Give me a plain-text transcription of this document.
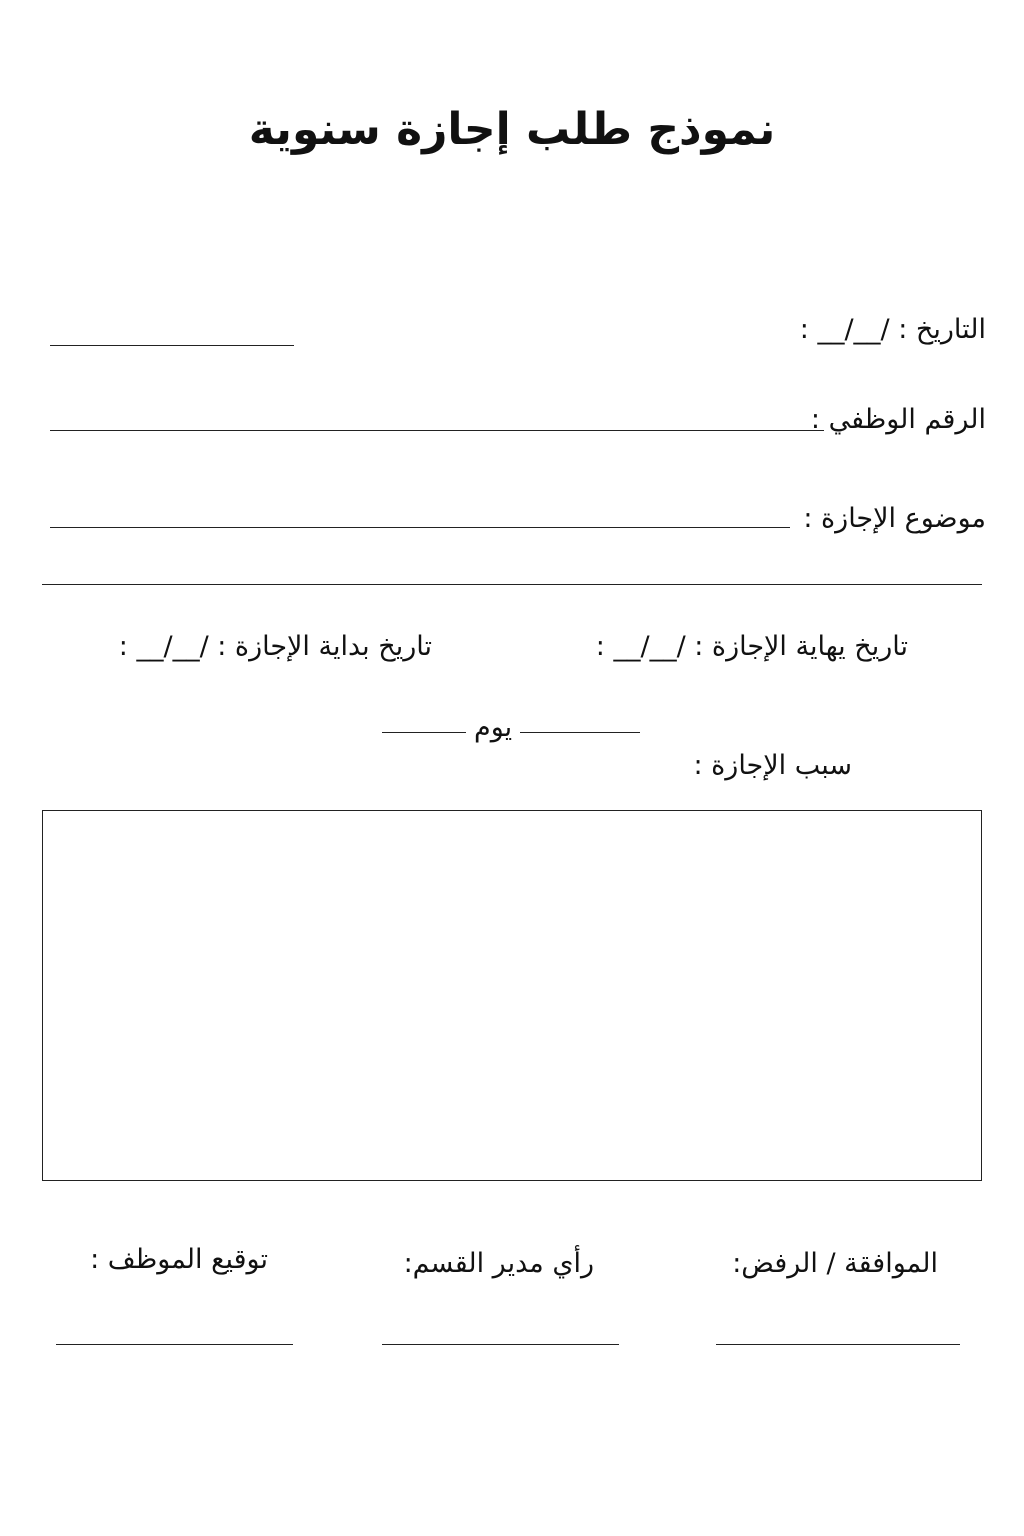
نموذج طلب إجازة سنوية
التاريخ : /__/__ :
الرقم الوظفي :
موضوع الإجازة :
تاريخ يهاية الإجازة : /__/__ :
تاريخ بداية الإجازة : /__/__ :
يوم
سبب الإجازة :
الموافقة / الرفض:
رأي مدير القسم:
توقيع الموظف :
